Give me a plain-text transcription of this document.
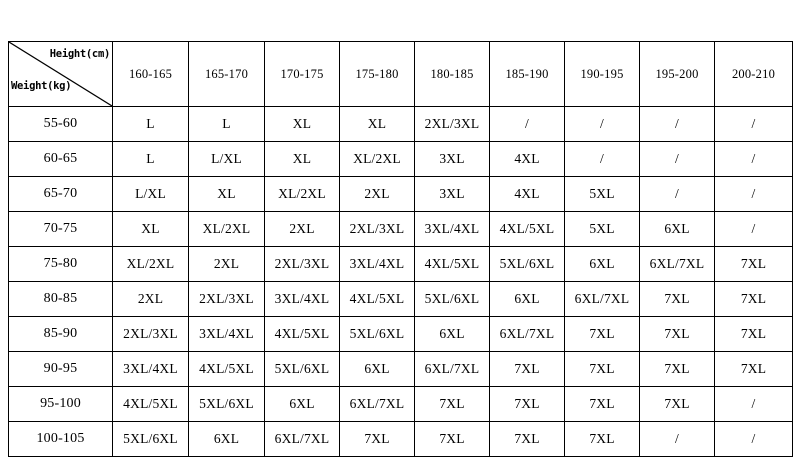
Height(cm)
Weight(kg)	160-165	165-170	170-175	175-180	180-185	185-190	190-195	195-200	200-210
55-60	L	L	XL	XL	2XL/3XL	/	/	/	/
60-65	L	L/XL	XL	XL/2XL	3XL	4XL	/	/	/
65-70	L/XL	XL	XL/2XL	2XL	3XL	4XL	5XL	/	/
70-75	XL	XL/2XL	2XL	2XL/3XL	3XL/4XL	4XL/5XL	5XL	6XL	/
75-80	XL/2XL	2XL	2XL/3XL	3XL/4XL	4XL/5XL	5XL/6XL	6XL	6XL/7XL	7XL
80-85	2XL	2XL/3XL	3XL/4XL	4XL/5XL	5XL/6XL	6XL	6XL/7XL	7XL	7XL
85-90	2XL/3XL	3XL/4XL	4XL/5XL	5XL/6XL	6XL	6XL/7XL	7XL	7XL	7XL
90-95	3XL/4XL	4XL/5XL	5XL/6XL	6XL	6XL/7XL	7XL	7XL	7XL	7XL
95-100	4XL/5XL	5XL/6XL	6XL	6XL/7XL	7XL	7XL	7XL	7XL	/
100-105	5XL/6XL	6XL	6XL/7XL	7XL	7XL	7XL	7XL	/	/
